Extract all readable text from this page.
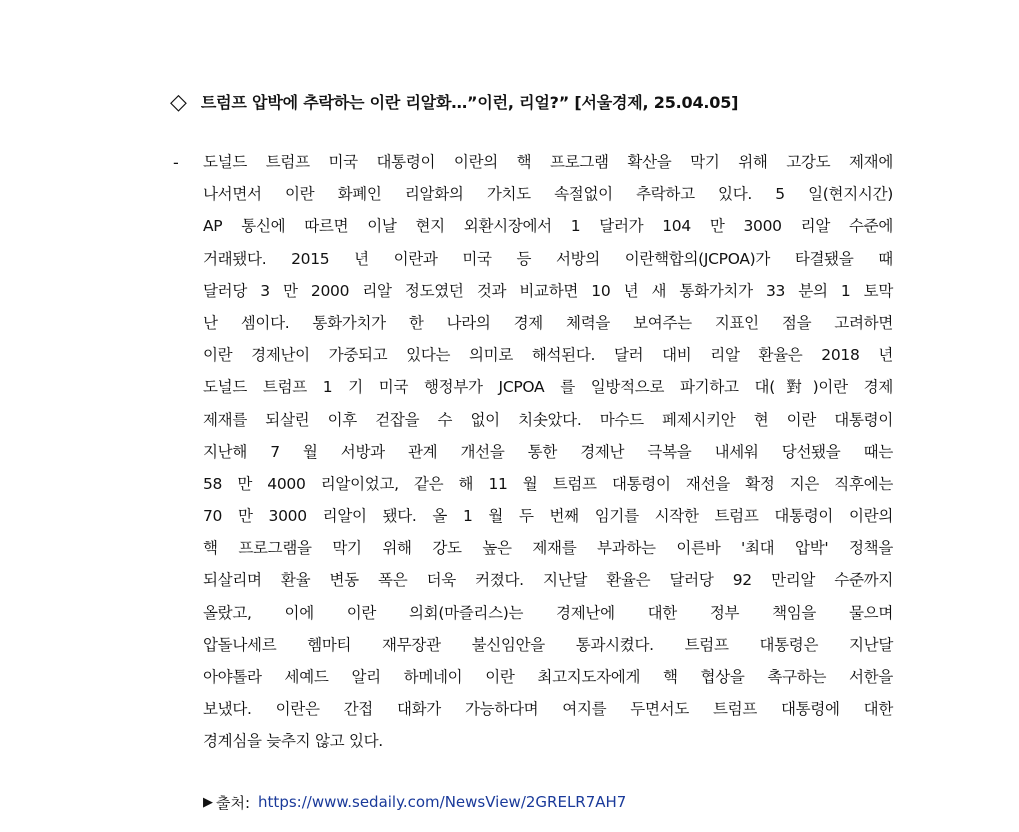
◇ 트럼프 압박에 추락하는 이란 리알화…”이런, 리얼?” [서울경제, 25.04.05]
- 도널드 트럼프 미국 대통령이 이란의 핵 프로그램 확산을 막기 위해 고강도 제재에
나서면서 이란 화폐인 리알화의 가치도 속절없이 추락하고 있다. 5 일(현지시간)
AP 통신에 따르면 이날 현지 외환시장에서 1 달러가 104 만 3000 리알 수준에
거래됐다. 2015 년 이란과 미국 등 서방의 이란핵합의(JCPOA)가 타결됐을 때
달러당 3 만 2000 리알 정도였던 것과 비교하면 10 년 새 통화가치가 33 분의 1 토막
난 셈이다. 통화가치가 한 나라의 경제 체력을 보여주는 지표인 점을 고려하면
이란 경제난이 가중되고 있다는 의미로 해석된다. 달러 대비 리알 환율은 2018 년
도널드 트럼프 1 기 미국 행정부가 JCPOA 를 일방적으로 파기하고 대(對)이란 경제
제재를 되살린 이후 걷잡을 수 없이 치솟았다. 마수드 페제시키안 현 이란 대통령이
지난해 7 월 서방과 관계 개선을 통한 경제난 극복을 내세워 당선됐을 때는
58 만 4000 리알이었고, 같은 해 11 월 트럼프 대통령이 재선을 확정 지은 직후에는
70 만 3000 리알이 됐다. 올 1 월 두 번째 임기를 시작한 트럼프 대통령이 이란의
핵 프로그램을 막기 위해 강도 높은 제재를 부과하는 이른바 '최대 압박' 정책을
되살리며 환율 변동 폭은 더욱 커졌다. 지난달 환율은 달러당 92 만리알 수준까지
올랐고, 이에 이란 의회(마즐리스)는 경제난에 대한 정부 책임을 물으며
압돌나세르 헴마티 재무장관 불신임안을 통과시켰다. 트럼프 대통령은 지난달
아야톨라 세예드 알리 하메네이 이란 최고지도자에게 핵 협상을 촉구하는 서한을
보냈다. 이란은 간접 대화가 가능하다며 여지를 두면서도 트럼프 대통령에 대한
경계심을 늦추지 않고 있다.
▶ 출처: https://www.sedaily.com/NewsView/2GRELR7AH7
